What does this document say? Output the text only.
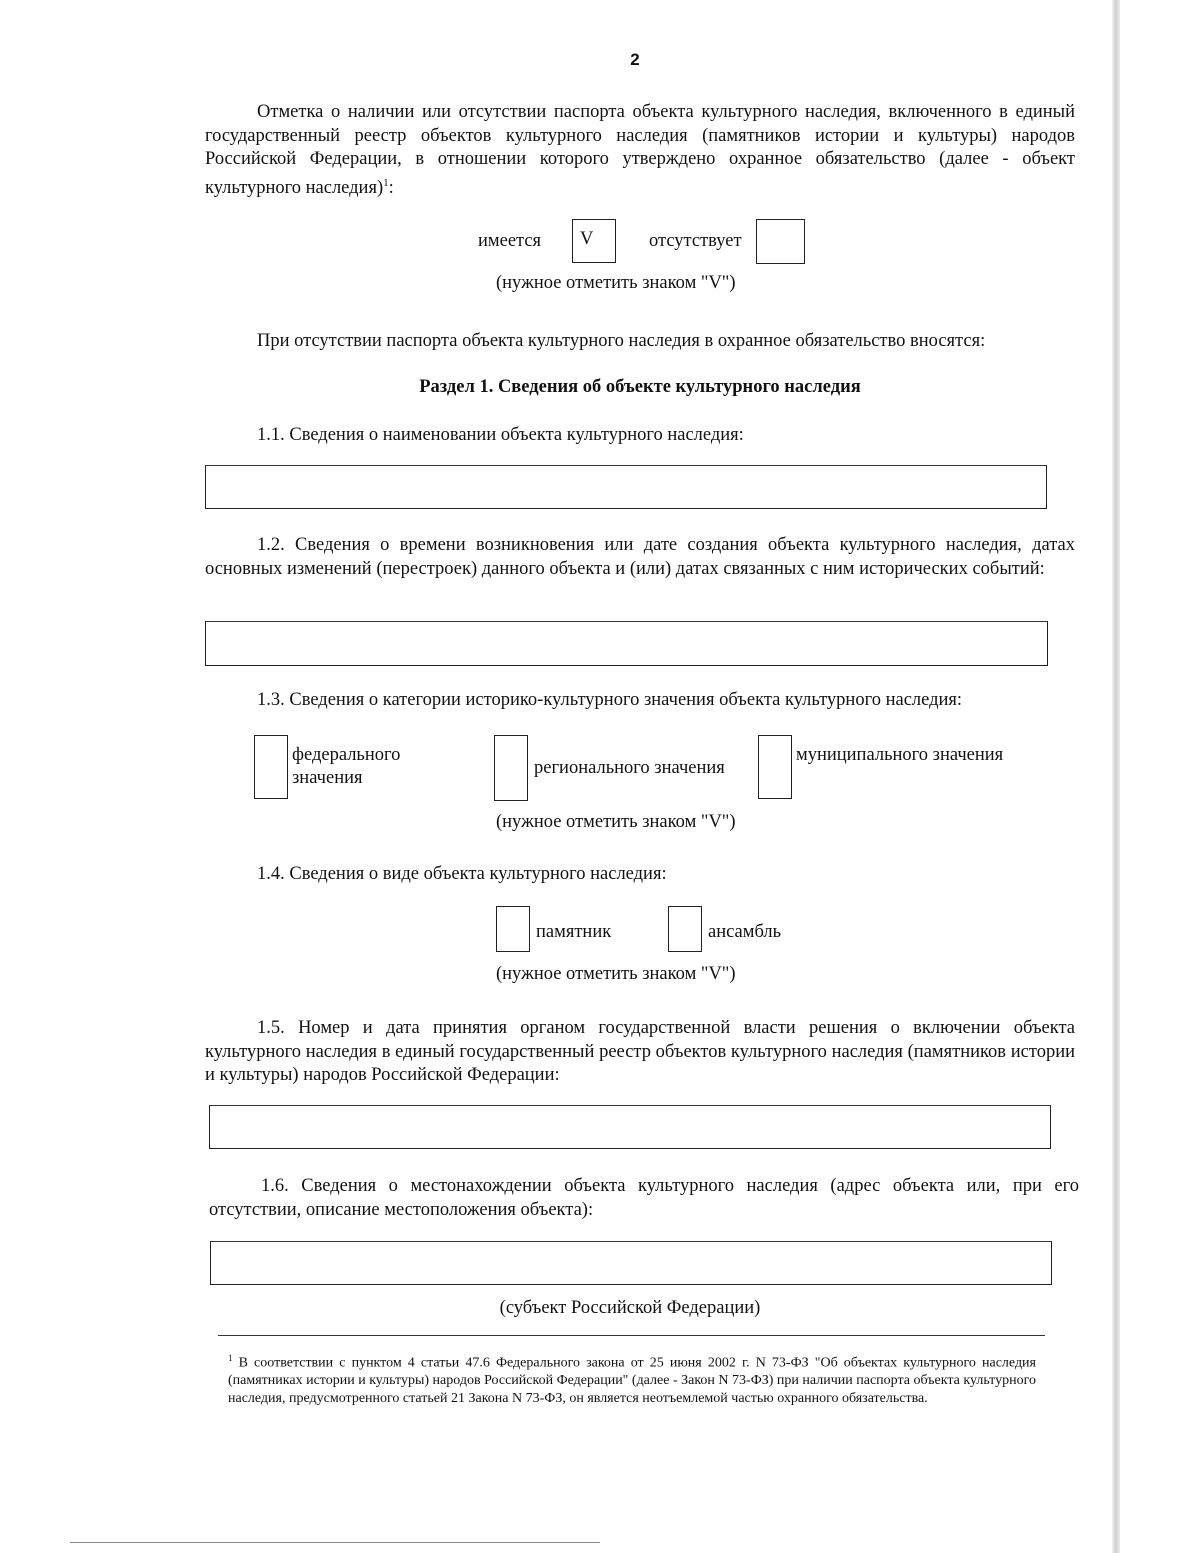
2
Отметка о наличии или отсутствии паспорта объекта культурного наследия, включенного в единый государственный реестр объектов культурного наследия (памятников истории и культуры) народов Российской Федерации, в отношении которого утверждено охранное обязательство (далее - объект культурного наследия)$^1$:
имеется V	отсутствует
(нужное отметить знаком "V")
При отсутствии паспорта объекта культурного наследия в охранное обязательство вносятся:
Раздел 1. Сведения об объекте культурного наследия
1.1. Сведения о наименовании объекта культурного наследия:
1.2. Сведения о времени возникновения или дате создания объекта культурного наследия, датах основных изменений (перестроек) данного объекта и (или) датах связанных с ним исторических событий:
1.3. Сведения о категории историко-культурного значения объекта культурного наследия:
федерального значения	регионального значения
муниципального значения
(нужное отметить знаком "V")
1.4. Сведения о виде объекта культурного наследия:
памятник	ансамбль
(нужное отметить знаком "V")
1.5. Номер и дата принятия органом государственной власти решения о включении объекта культурного наследия в единый государственный реестр объектов культурного наследия (памятников истории и культуры) народов Российской Федерации:
1.6. Сведения о местонахождении объекта культурного наследия (адрес объекта или, при его отсутствии, описание местоположения объекта):
(субъект Российской Федерации)
$^1$ В соответствии с пунктом 4 статьи 47.6 Федерального закона от 25 июня 2002 г. N 73-ФЗ "Об объектах культурного наследия (памятниках истории и культуры) народов Российской Федерации" (далее - Закон N 73-ФЗ) при наличии паспорта объекта культурного наследия, предусмотренного статьей 21 Закона N 73-ФЗ, он является неотъемлемой частью охранного обязательства.
